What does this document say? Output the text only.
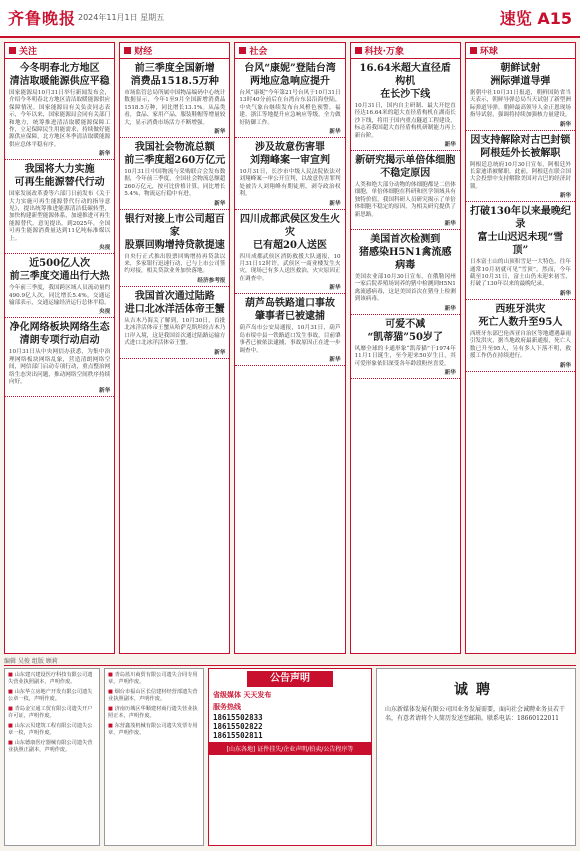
齐鲁晚报 2024年11月1日 星期五	速览 A15
关注
今冬明春北方地区
清洁取暖能源供应平稳
国家能源局10月31日举行新闻发布会，介绍今冬明春北方地区清洁取暖能源供应保障情况。国家能源局有关负责同志表示，今年以来，国家能源局会同有关部门和地方，统筹推进清洁取暖能源保障工作，立足保障民生用能需求，持续做好能源供应保障，北方地区冬季清洁取暖能源供应总体平稳有序。
新华
我国将大力实施
可再生能源替代行动
国家发展改革委等六部门日前发布《关于大力实施可再生能源替代行动的指导意见》，提出统筹推进能源清洁低碳转型，加快构建新型能源体系，加速推进可再生能源替代。意见提出，到2025年，全国可再生能源消费量达到11亿吨标准煤以上。
央视
近500亿人次
前三季度交通出行大热
今年前三季度，我国跨区域人员流动量约490.9亿人次，同比增长5.4%。交通运输部表示，交通运输经济运行总体平稳。
央视
净化网络板块网络生态
清朗专项行动启动
10月31日从中央网信办获悉，为集中治理网络板块网络乱象，营造清朗网络空间，网信部门启动专项行动，重点整治网络生态突出问题，推动网络空间秩序持续向好。
新华
财经
前三季度全国新增
消费品1518.5万种
市场监管总局所属中国物品编码中心统计数据显示，今年1至9月全国新增消费品1518.5万种，同比增长13.1%。从品类看，食品、家用产品、服装鞋帽等增量较大，显示消费市场活力不断增强。
新华
我国社会物流总额
前三季度超260万亿元
10月31日中国物流与采购联合会发布数据，今年前三季度，全国社会物流总额超260万亿元，按可比价格计算，同比增长5.4%，物流运行稳中有进。
新华
银行对接上市公司超百家
股票回购增持贷款提速
自央行正式推出股票回购增持再贷款以来，多家银行迅速行动，已与上市公司签约对接，相关贷款业务加快落地。
经济参考报
我国首次通过陆路
进口北冰洋活体帝王蟹
从吉木乃海关了解到，10月30日，首批北冰洋活体帝王蟹从哈萨克斯坦经吉木乃口岸入境，这是我国首次通过陆路运输方式进口北冰洋活体帝王蟹。
新华
社会
台风“康妮”登陆台湾
两地应急响应提升
台风“康妮”今年第21号台风于10月31日13时40分前后在台湾台东县沿海登陆，中央气象台继续发布台风橙色预警。福建、浙江等地提升应急响应等级，全力做好防御工作。
新华
涉及故意伤害罪
刘翔峰案一审宣判
10月31日，长沙市中级人民法院依法对刘翔峰案一审公开宣判，以故意伤害罪判处被告人刘翔峰有期徒刑，剥夺政治权利。
新华
四川成都武侯区发生火灾
已有超20人送医
四川成都武侯区消防救援大队通报，10月31日12时许，武侯区一商业楼发生火灾，现场已有多人送医救治，火灾原因正在调查中。
新华
葫芦岛铁路道口事故
肇事者已被逮捕
葫芦岛市公安局通报，10月31日，葫芦岛市绥中县一铁路道口发生事故，目前肇事者已被依法逮捕，事故原因正在进一步调查中。
新华
科技·万象
16.64米超大直径盾构机
在长沙下线
10月31日，国内自主研制、最大开挖直径达16.64米的超大直径盾构机在湖南长沙下线，将用于国内重点隧道工程建设，标志着我国超大直径盾构机研制能力再上新台阶。
新华
新研究揭示单倍体细胞
不稳定原因
人类和绝大部分动物的体细胞都是二倍体细胞，单倍体细胞在科研和医学领域具有独特价值。我国科研人员研究揭示了单倍体细胞不稳定的原因，为相关研究提供了新思路。
新华
美国首次检测到
猪感染H5N1禽流感病毒
美国农业部10月30日宣布，在俄勒冈州一家后院养殖场饲养的猪中检测到H5N1禽流感病毒，这是美国首次在猪身上检测到该病毒。
新华
可爱不减
“凯蒂猫”50岁了
风靡全球的卡通形象“凯蒂猫”于1974年11月1日诞生，至今迎来50岁生日，其可爱形象依旧深受各年龄段粉丝喜爱。
新华
环球
朝鲜试射
洲际弹道导弹
据朝中社10月31日报道，朝鲜国防省当天表示，朝鲜导弹总局当天试射了新型洲际弹道导弹。朝鲜最高领导人金正恩现场指导试射，强调将持续加强核力量建设。
新华
因支持解除对古巴封锁
阿根廷外长被解职
阿根廷总统府10月30日宣布，阿根廷外长蒙迪诺被解职。此前，阿根廷在联合国大会投票中支持解除美国对古巴的经济封锁。
新华
打破130年以来最晚纪录
富士山迟迟未现“雪顶”
日本富士山的山顶积雪是一大特色，往年通常10月初就可见“雪顶”。然而，今年截至10月31日，富士山仍未迎来初雪，打破了130年以来的最晚纪录。
新华
西班牙洪灾
死亡人数升至95人
西班牙东部巴伦西亚自治区等地遭遇暴雨引发洪灾，据当地政府最新通报，死亡人数已升至95人，另有多人下落不明，救援工作仍在持续进行。
新华
编辑 吴俊 组版 顾莉

■ 山东建兴建设医疗科技有限公司遗失营业执照副本，声明作废。

■ 山东华立房地产开发有限公司遗失公章一枚，声明作废。

■ 青岛金宝通工贸有限公司遗失开户许可证，声明作废。

■ 山东云贝建筑工程有限公司遗失公章一枚，声明作废。

■ 山东德康医疗器械有限公司遗失营业执照正副本，声明作废。

■ 青岛蓝川商贸有限公司遗失合同专用章，声明作废。

■ 烟台市福山区长信建材经营部遗失营业执照副本，声明作废。

■ 济南历城区华顺建材商行遗失营业执照正本，声明作废。

■ 东营鑫茂机械有限公司遗失发票专用章，声明作废。

公告声明
省级媒体 天天发布
服务热线
18615502833
18615502822
18615502811
[山东各地] 证件挂失/企业声明/拍卖/公告程序等
诚聘
山东新媒体发展有限公司因业务发展需要，面向社会诚聘业务员若干名，有意者请将个人简历发送至邮箱。联系电话：18660122011
